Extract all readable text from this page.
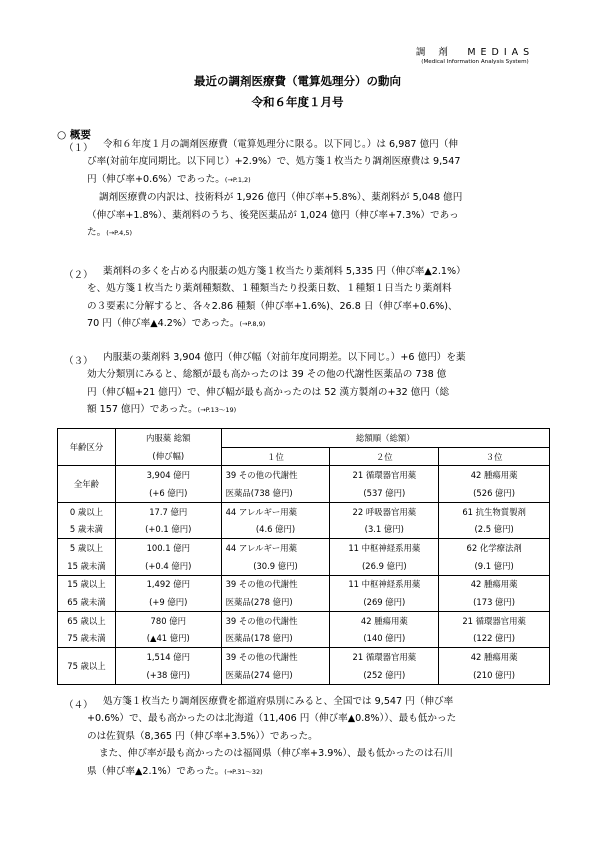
調 剤　MEDIAS
(Medical Information Analysis System)
最近の調剤医療費（電算処理分）の動向
令和６年度１月号
○ 概要
（１）	令和６年度１月の調剤医療費（電算処理分に限る。以下同じ。）は 6,987 億円（伸
び率(対前年度同期比。以下同じ）+2.9%）で、処方箋１枚当たり調剤医療費は 9,547
円（伸び率+0.6%）であった。(→P.1,2)
調剤医療費の内訳は、技術料が 1,926 億円（伸び率+5.8%）、薬剤料が 5,048 億円
（伸び率+1.8%）、薬剤料のうち、後発医薬品が 1,024 億円（伸び率+7.3%）であっ
た。(→P.4,5)
（２）	薬剤料の多くを占める内服薬の処方箋１枚当たり薬剤料 5,335 円（伸び率▲2.1%）
を、処方箋１枚当たり薬剤種類数、１種類当たり投薬日数、１種類１日当たり薬剤料
の３要素に分解すると、各々2.86 種類（伸び率+1.6%)、26.8 日（伸び率+0.6%)、
70 円（伸び率▲4.2%）であった。(→P.8,9)
（３）	内服薬の薬剤料 3,904 億円（伸び幅（対前年度同期差。以下同じ。）+6 億円）を薬
効大分類別にみると、総額が最も高かったのは 39 その他の代謝性医薬品の 738 億
円（伸び幅+21 億円）で、伸び幅が最も高かったのは 52 漢方製剤の+32 億円（総
額 157 億円）であった。(→P.13～19)
年齢区分	内服薬 総額	総額順（総額）		
	(伸び幅)	１位	２位	３位
全年齢	3,904 億円	39 その他の代謝性	21 循環器官用薬	42 腫瘍用薬
	(+6 億円)	医薬品(738 億円)	(537 億円)	(526 億円)
0 歳以上	17.7 億円	44 アレルギー用薬	22 呼吸器官用薬	61 抗生物質製剤
5 歳未満	(+0.1 億円)	(4.6 億円)	(3.1 億円)	(2.5 億円)
5 歳以上	100.1 億円	44 アレルギー用薬	11 中枢神経系用薬	62 化学療法剤
15 歳未満	(+0.4 億円)	(30.9 億円)	(26.9 億円)	(9.1 億円)
15 歳以上	1,492 億円	39 その他の代謝性	11 中枢神経系用薬	42 腫瘍用薬
65 歳未満	(+9 億円)	医薬品(278 億円)	(269 億円)	(173 億円)
65 歳以上	780 億円	39 その他の代謝性	42 腫瘍用薬	21 循環器官用薬
75 歳未満	(▲41 億円)	医薬品(178 億円)	(140 億円)	(122 億円)
75 歳以上	1,514 億円	39 その他の代謝性	21 循環器官用薬	42 腫瘍用薬
	(+38 億円)	医薬品(274 億円)	(252 億円)	(210 億円)
（４）	処方箋１枚当たり調剤医療費を都道府県別にみると、全国では 9,547 円（伸び率
+0.6%）で、最も高かったのは北海道（11,406 円（伸び率▲0.8%））、最も低かった
のは佐賀県（8,365 円（伸び率+3.5%））であった。
また、伸び率が最も高かったのは福岡県（伸び率+3.9%）、最も低かったのは石川
県（伸び率▲2.1%）であった。(→P.31～32)
